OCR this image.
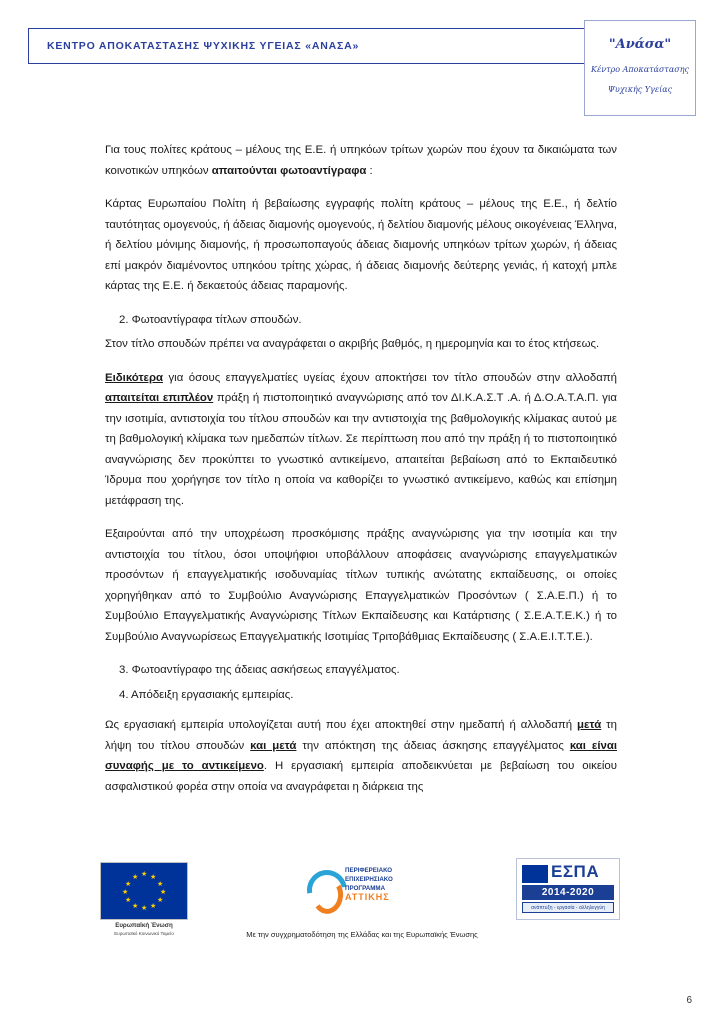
ΚΕΝΤΡΟ ΑΠΟΚΑΤΑΣΤΑΣΗΣ ΨΥΧΙΚΗΣ ΥΓΕΙΑΣ «ΑΝΑΣΑ»	"Ανάσα"
Κέντρο Αποκατάστασης
Ψυχικής Υγείας

Για τους πολίτες κράτους – μέλους της Ε.Ε. ή υπηκόων τρίτων χωρών που έχουν τα δικαιώματα των κοινοτικών υπηκόων απαιτούνται φωτοαντίγραφα :

Κάρτας Ευρωπαίου Πολίτη ή βεβαίωσης εγγραφής πολίτη κράτους – μέλους της Ε.Ε., ή δελτίο ταυτότητας ομογενούς, ή άδειας διαμονής ομογενούς, ή δελτίου διαμονής μέλους οικογένειας Έλληνα, ή δελτίου μόνιμης διαμονής, ή προσωποπαγούς άδειας διαμονής υπηκόων τρίτων χωρών, ή άδειας επί μακρόν διαμένοντος υπηκόου τρίτης χώρας, ή άδειας διαμονής δεύτερης γενιάς, ή κατοχή μπλε κάρτας της Ε.Ε. ή δεκαετούς άδειας παραμονής.

2. Φωτοαντίγραφα τίτλων σπουδών.

Στον τίτλο σπουδών πρέπει να αναγράφεται ο ακριβής βαθμός, η ημερομηνία και το έτος κτήσεως.

Ειδικότερα για όσους επαγγελματίες υγείας έχουν αποκτήσει τον τίτλο σπουδών στην αλλοδαπή απαιτείται επιπλέον πράξη ή πιστοποιητικό αναγνώρισης από τον ΔΙ.Κ.Α.Σ.Τ .Α. ή Δ.Ο.Α.Τ.Α.Π. για την ισοτιμία, αντιστοιχία του τίτλου σπουδών και την αντιστοιχία της βαθμολογικής κλίμακας αυτού με τη βαθμολογική κλίμακα των ημεδαπών τίτλων. Σε περίπτωση που από την πράξη ή το πιστοποιητικό αναγνώρισης δεν προκύπτει το γνωστικό αντικείμενο, απαιτείται βεβαίωση από το Εκπαιδευτικό Ίδρυμα που χορήγησε τον τίτλο η οποία να καθορίζει το γνωστικό αντικείμενο, καθώς και επίσημη μετάφραση της.

Εξαιρούνται από την υποχρέωση προσκόμισης πράξης αναγνώρισης για την ισοτιμία και την αντιστοιχία του τίτλου, όσοι υποψήφιοι υποβάλλουν αποφάσεις αναγνώρισης επαγγελματικών προσόντων ή επαγγελματικής ισοδυναμίας τίτλων τυπικής ανώτατης εκπαίδευσης, οι οποίες χορηγήθηκαν από το Συμβούλιο Αναγνώρισης Επαγγελματικών Προσόντων ( Σ.Α.Ε.Π.) ή το Συμβούλιο Επαγγελματικής Αναγνώρισης Τίτλων Εκπαίδευσης και Κατάρτισης ( Σ.Ε.Α.Τ.Ε.Κ.) ή το Συμβούλιο Αναγνωρίσεως Επαγγελματικής Ισοτιμίας Τριτοβάθμιας Εκπαίδευσης ( Σ.Α.Ε.Ι.Τ.Τ.Ε.).

3. Φωτοαντίγραφο της άδειας ασκήσεως επαγγέλματος.

4. Απόδειξη εργασιακής εμπειρίας.

Ως εργασιακή εμπειρία υπολογίζεται αυτή που έχει αποκτηθεί στην ημεδαπή ή αλλοδαπή μετά τη λήψη του τίτλου σπουδών και μετά την απόκτηση της άδειας άσκησης επαγγέλματος και είναι συναφής με το αντικείμενο. Η εργασιακή εμπειρία αποδεικνύεται με βεβαίωση του οικείου ασφαλιστικού φορέα στην οποία να αναγράφεται η διάρκεια της

★ ★
★
★
★
★
★
★
★
★
★
★
Ευρωπαϊκή Ένωση
Ευρωπαϊκό Κοινωνικό Ταμείο
ΠΕΡΙΦΕΡΕΙΑΚΟ
ΕΠΙΧΕΙΡΗΣΙΑΚΟ
ΠΡΟΓΡΑΜΜΑ
ΑΤΤΙΚΗΣ
ΕΣΠΑ
2014-2020
ανάπτυξη - εργασία - αλληλεγγύη
Με την συγχρηματοδότηση της Ελλάδας και της Ευρωπαϊκής Ένωσης
6
